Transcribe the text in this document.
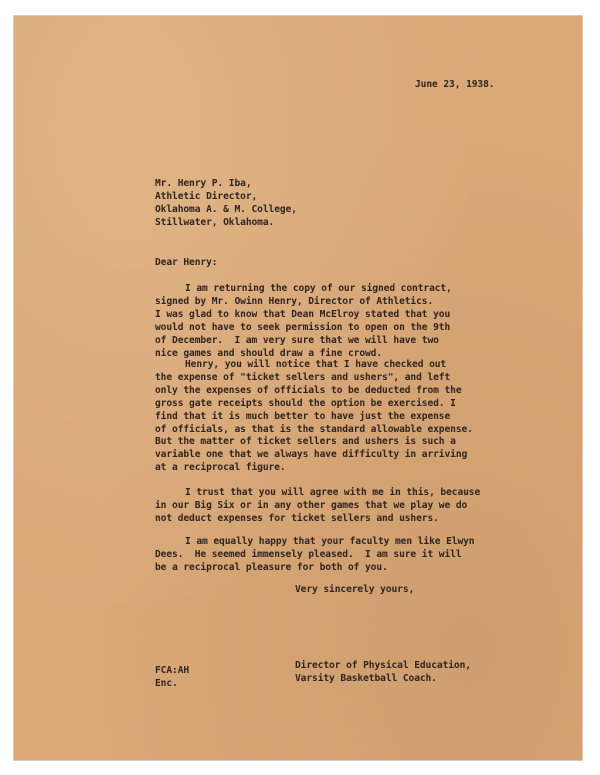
June 23, 1938.

Mr. Henry P. Iba,
Athletic Director,
Oklahoma A. & M. College,
Stillwater, Oklahoma.

Dear Henry:

I am returning the copy of our signed contract,
signed by Mr. Owinn Henry, Director of Athletics.
I was glad to know that Dean McElroy stated that you
would not have to seek permission to open on the 9th
of December.  I am very sure that we will have two
nice games and should draw a fine crowd.
Henry, you will notice that I have checked out
the expense of "ticket sellers and ushers", and left
only the expenses of officials to be deducted from the
gross gate receipts should the option be exercised. I
find that it is much better to have just the expense
of officials, as that is the standard allowable expense.
But the matter of ticket sellers and ushers is such a
variable one that we always have difficulty in arriving
at a reciprocal figure.
I trust that you will agree with me in this, because
in our Big Six or in any other games that we play we do
not deduct expenses for ticket sellers and ushers.
I am equally happy that your faculty men like Elwyn
Dees.  He seemed immensely pleased.  I am sure it will
be a reciprocal pleasure for both of you.

Very sincerely yours,

Director of Physical Education,
Varsity Basketball Coach.
FCA:AH
Enc.
